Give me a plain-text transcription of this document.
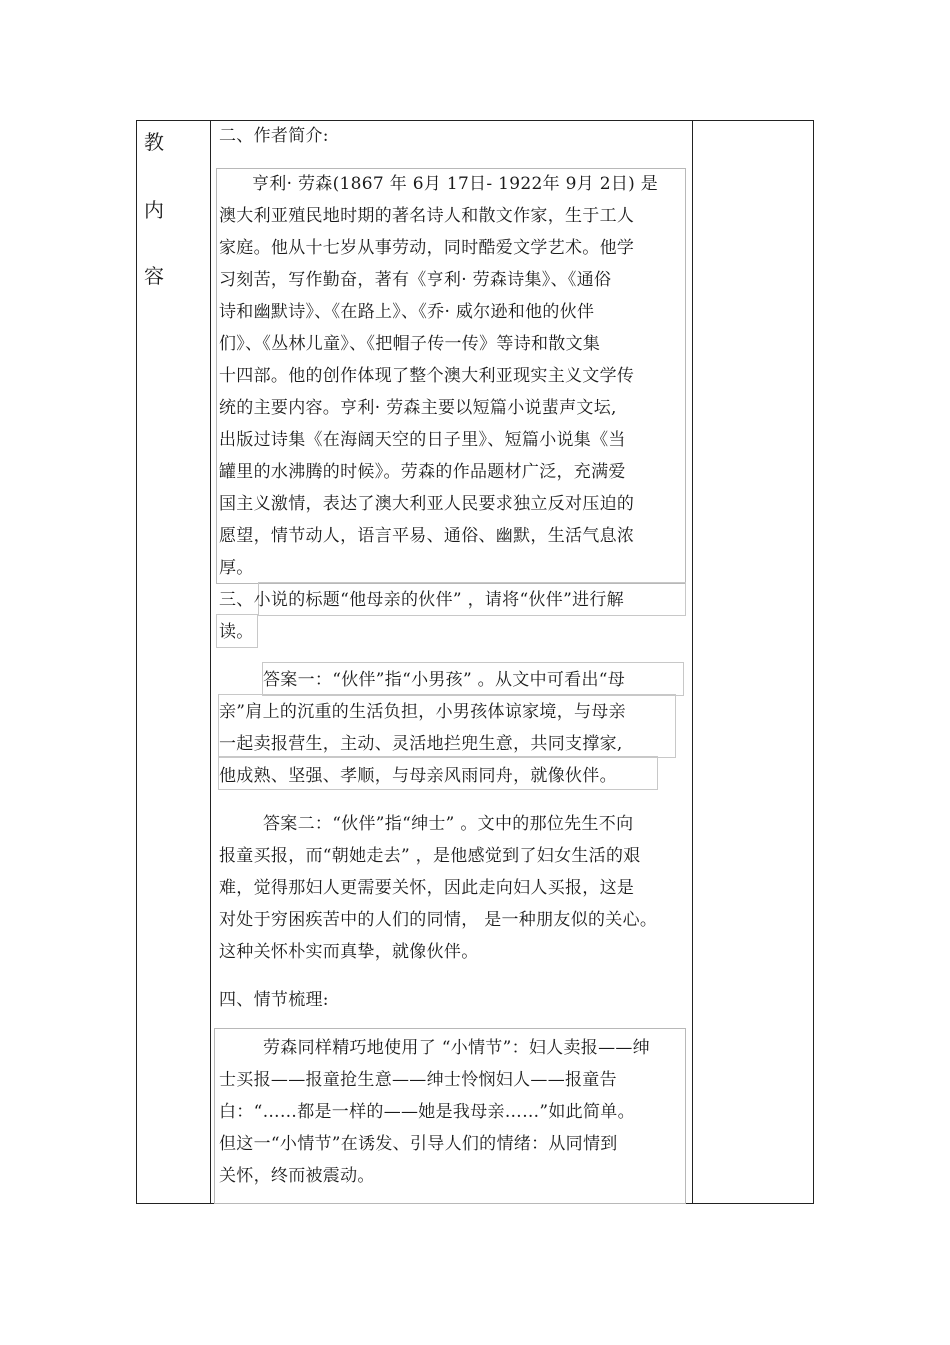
教
内
容
二、作者简介:
亨利· 劳森(1867 年 6月 17日- 1922年 9月 2日) 是
澳大利亚殖民地时期的著名诗人和散文作家，生于工人
家庭。他从十七岁从事劳动，同时酷爱文学艺术。他学
习刻苦，写作勤奋，著有《亨利· 劳森诗集》、《通俗
诗和幽默诗》、《在路上》、《乔· 威尔逊和他的伙伴
们》、《丛林儿童》、《把帽子传一传》等诗和散文集
十四部。他的创作体现了整个澳大利亚现实主义文学传
统的主要内容。亨利· 劳森主要以短篇小说蜚声文坛,
出版过诗集《在海阔天空的日子里》、短篇小说集《当
罐里的水沸腾的时候》。劳森的作品题材广泛，充满爱
国主义激情，表达了澳大利亚人民要求独立反对压迫的
愿望，情节动人，语言平易、通俗、幽默，生活气息浓
厚。
三、小说的标题“他母亲的伙伴” ，请将“伙伴”进行解
读。
答案一：“伙伴”指“小男孩” 。从文中可看出“母
亲”肩上的沉重的生活负担，小男孩体谅家境，与母亲
一起卖报营生，主动、灵活地拦兜生意，共同支撑家,
他成熟、坚强、孝顺，与母亲风雨同舟，就像伙伴。
答案二：“伙伴”指“绅士” 。文中的那位先生不向
报童买报，而“朝她走去” ，是他感觉到了妇女生活的艰
难，觉得那妇人更需要关怀，因此走向妇人买报，这是
对处于穷困疾苦中的人们的同情， 是一种朋友似的关心。
这种关怀朴实而真挚，就像伙伴。
四、情节梳理:
劳森同样精巧地使用了 “小情节”：妇人卖报——绅
士买报——报童抢生意——绅士怜悯妇人——报童告
白：“……都是一样的——她是我母亲……”如此简单。
但这一“小情节”在诱发、引导人们的情绪：从同情到
关怀，终而被震动。
